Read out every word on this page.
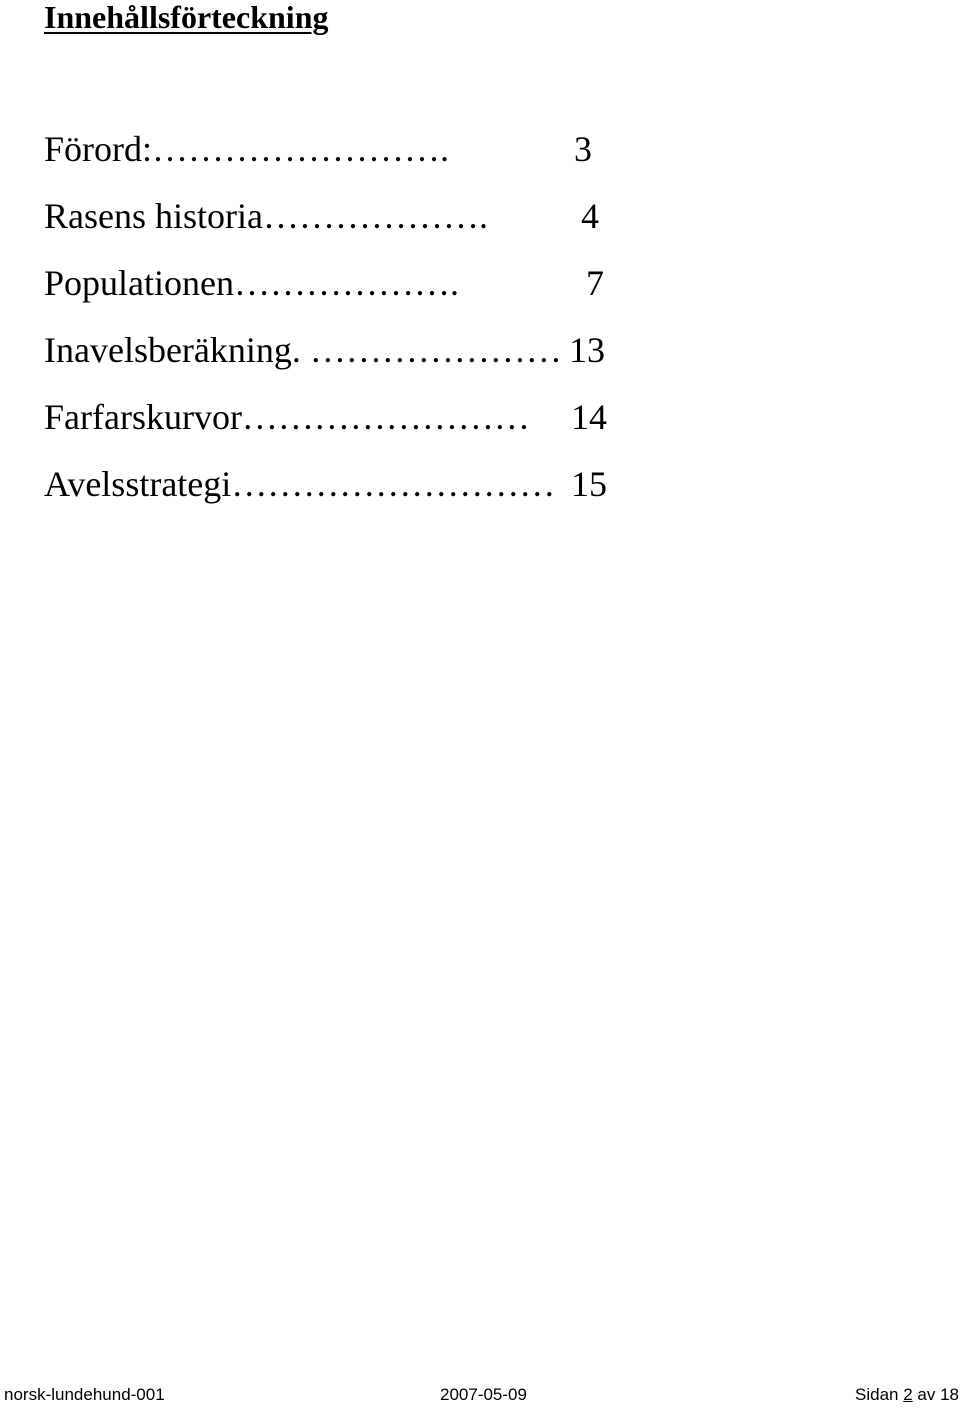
Innehållsförteckning
Förord:…………………….	3
Rasens historia……………….	4
Populationen……………….	7
Inavelsberäkning. ………………… 13
Farfarskurvor…………………… 14
Avelsstrategi……………………… 15
norsk-lundehund-001	2007-05-09	Sidan 2 av 18
